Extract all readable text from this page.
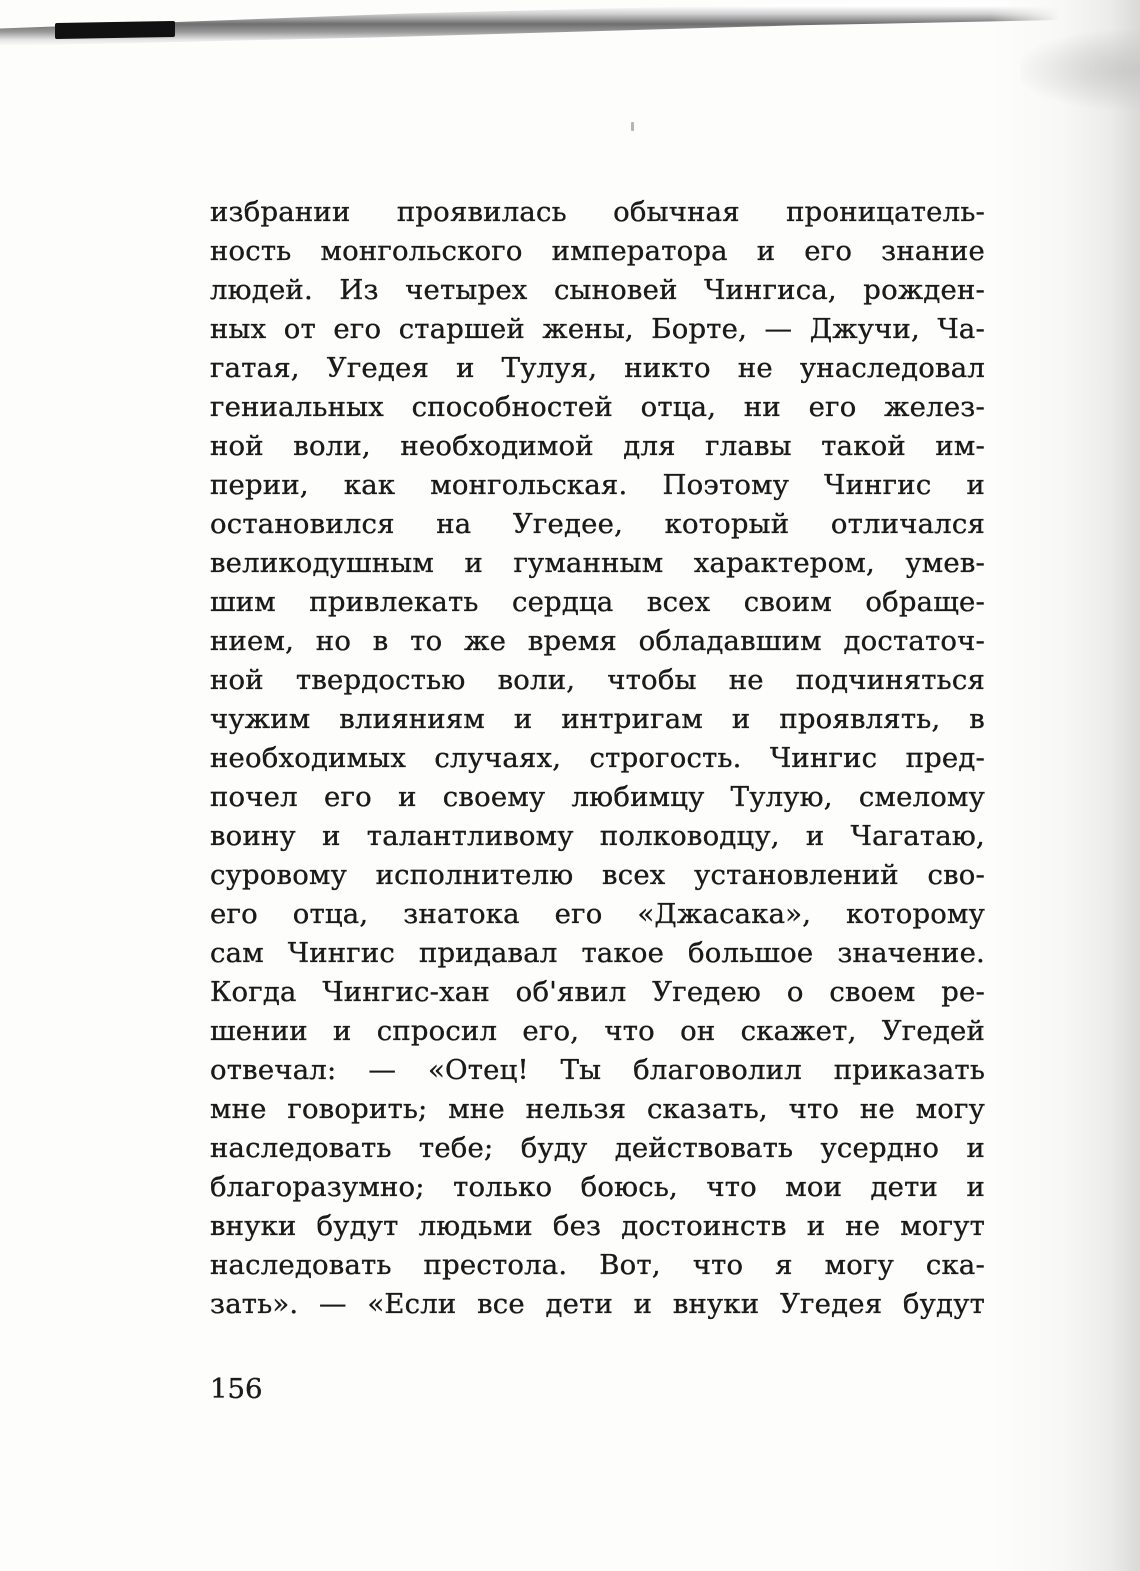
избрании проявилась обычная проницатель-
ность монгольского императора и его знание
людей. Из четырех сыновей Чингиса, рожден-
ных от его старшей жены, Борте, — Джучи, Ча-
гатая, Угедея и Тулуя, никто не унаследовал
гениальных способностей отца, ни его желез-
ной воли, необходимой для главы такой им-
перии, как монгольская. Поэтому Чингис и
остановился на Угедее, который отличался
великодушным и гуманным характером, умев-
шим привлекать сердца всех своим обраще-
нием, но в то же время обладавшим достаточ-
ной твердостью воли, чтобы не подчиняться
чужим влияниям и интригам и проявлять, в
необходимых случаях, строгость. Чингис пред-
почел его и своему любимцу Тулую, смелому
воину и талантливому полководцу, и Чагатаю,
суровому исполнителю всех установлений сво-
его отца, знатока его «Джасака», которому
сам Чингис придавал такое большое значение.
Когда Чингис-хан об'явил Угедею о своем ре-
шении и спросил его, что он скажет, Угедей
отвечал: — «Отец! Ты благоволил приказать
мне говорить; мне нельзя сказать, что не могу
наследовать тебе; буду действовать усердно и
благоразумно; только боюсь, что мои дети и
внуки будут людьми без достоинств и не могут
наследовать престола. Вот, что я могу ска-
зать». — «Если все дети и внуки Угедея будут
156
